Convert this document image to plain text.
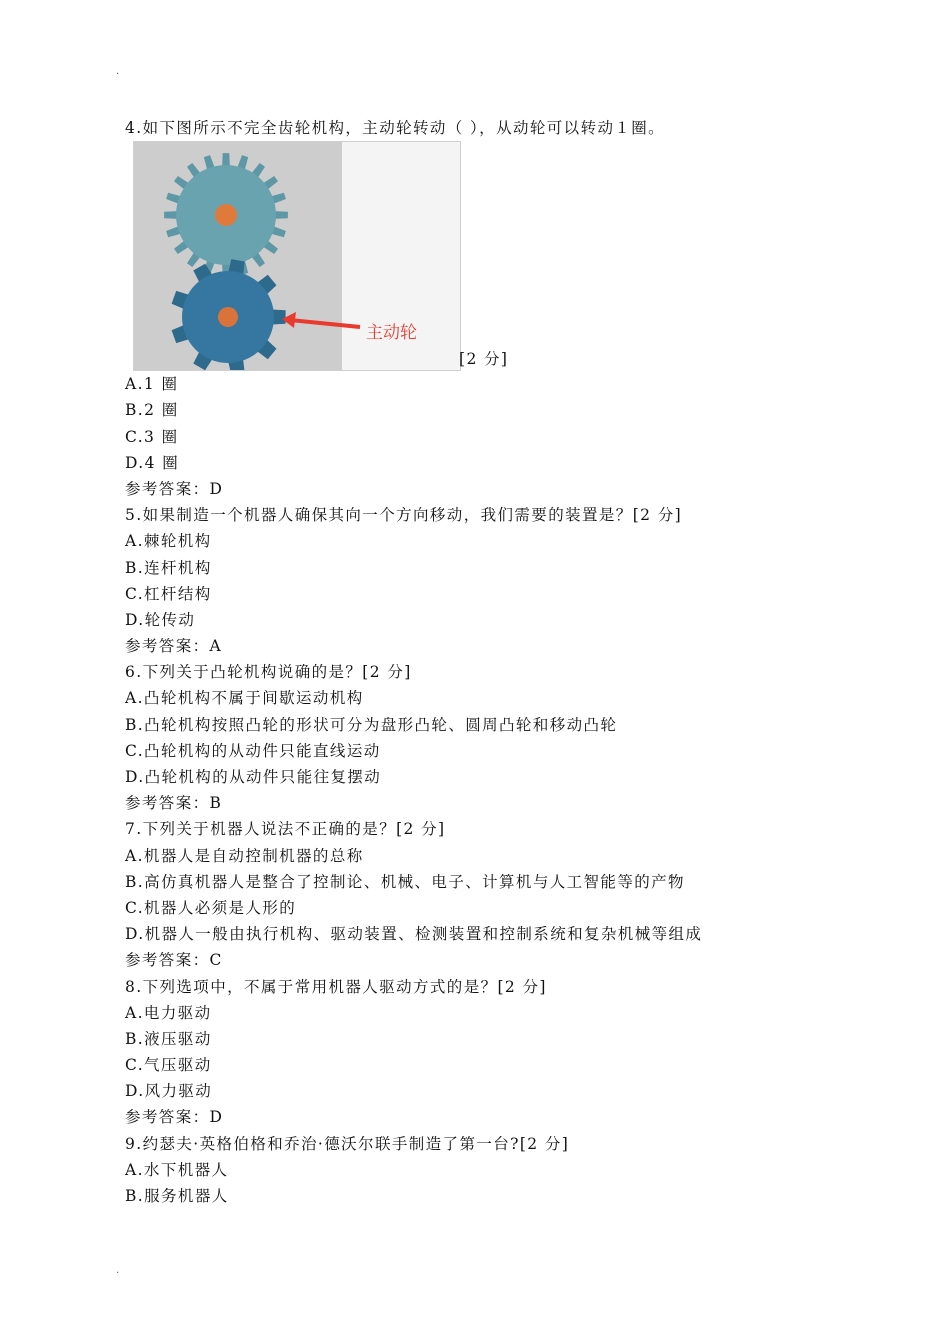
.
4.如下图所示不完全齿轮机构，主动轮转动（ ），从动轮可以转动１圈。
主动轮
[2 分]
A.1 圈
B.2 圈
C.3 圈
D.4 圈
参考答案：D
5.如果制造一个机器人确保其向一个方向移动，我们需要的装置是？[2 分]
A.棘轮机构
B.连杆机构
C.杠杆结构
D.轮传动
参考答案：A
6.下列关于凸轮机构说确的是？[2 分]
A.凸轮机构不属于间歇运动机构
B.凸轮机构按照凸轮的形状可分为盘形凸轮、圆周凸轮和移动凸轮
C.凸轮机构的从动件只能直线运动
D.凸轮机构的从动件只能往复摆动
参考答案：B
7.下列关于机器人说法不正确的是？[2 分]
A.机器人是自动控制机器的总称
B.高仿真机器人是整合了控制论、机械、电子、计算机与人工智能等的产物
C.机器人必须是人形的
D.机器人一般由执行机构、驱动装置、检测装置和控制系统和复杂机械等组成
参考答案：C
8.下列选项中，不属于常用机器人驱动方式的是？[2 分]
A.电力驱动
B.液压驱动
C.气压驱动
D.风力驱动
参考答案：D
9.约瑟夫·英格伯格和乔治·德沃尔联手制造了第一台?[2 分]
A.水下机器人
B.服务机器人
.
